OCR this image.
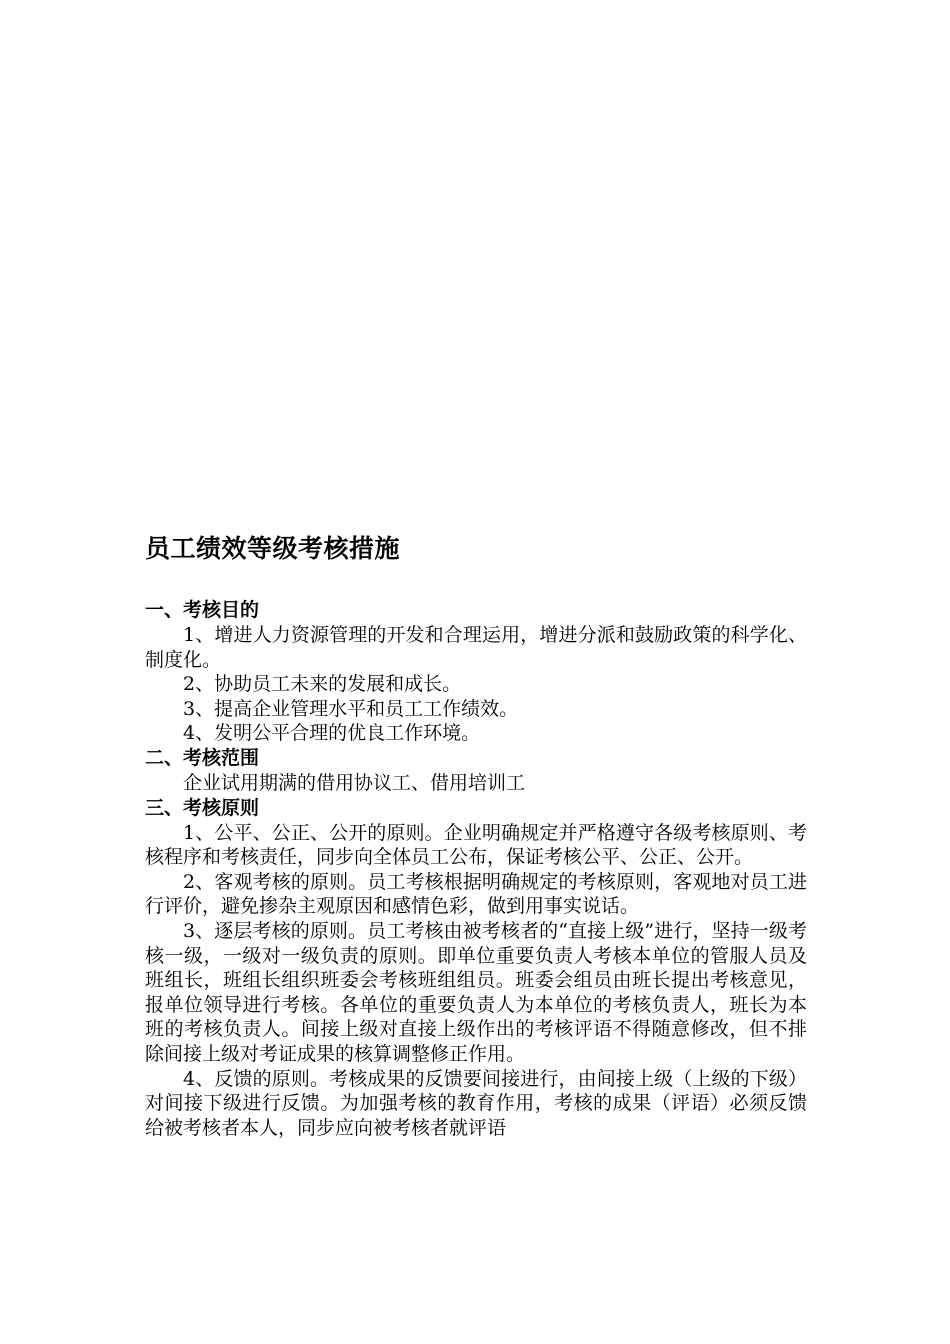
员工绩效等级考核措施
一、考核目的

1、增进人力资源管理的开发和合理运用，增进分派和鼓励政策的科学化、制度化。

2、协助员工未来的发展和成长。

3、提高企业管理水平和员工工作绩效。

4、发明公平合理的优良工作环境。

二、考核范围

企业试用期满的借用协议工、借用培训工

三、考核原则

1、公平、公正、公开的原则。企业明确规定并严格遵守各级考核原则、考核程序和考核责任，同步向全体员工公布，保证考核公平、公正、公开。

2、客观考核的原则。员工考核根据明确规定的考核原则，客观地对员工进行评价，避免掺杂主观原因和感情色彩，做到用事实说话。

3、逐层考核的原则。员工考核由被考核者的“直接上级”进行，坚持一级考核一级，一级对一级负责的原则。即单位重要负责人考核本单位的管服人员及班组长，班组长组织班委会考核班组组员。班委会组员由班长提出考核意见，报单位领导进行考核。各单位的重要负责人为本单位的考核负责人，班长为本班的考核负责人。间接上级对直接上级作出的考核评语不得随意修改，但不排除间接上级对考证成果的核算调整修正作用。

4、反馈的原则。考核成果的反馈要间接进行，由间接上级（上级的下级）对间接下级进行反馈。为加强考核的教育作用，考核的成果（评语）必须反馈给被考核者本人，同步应向被考核者就评语
